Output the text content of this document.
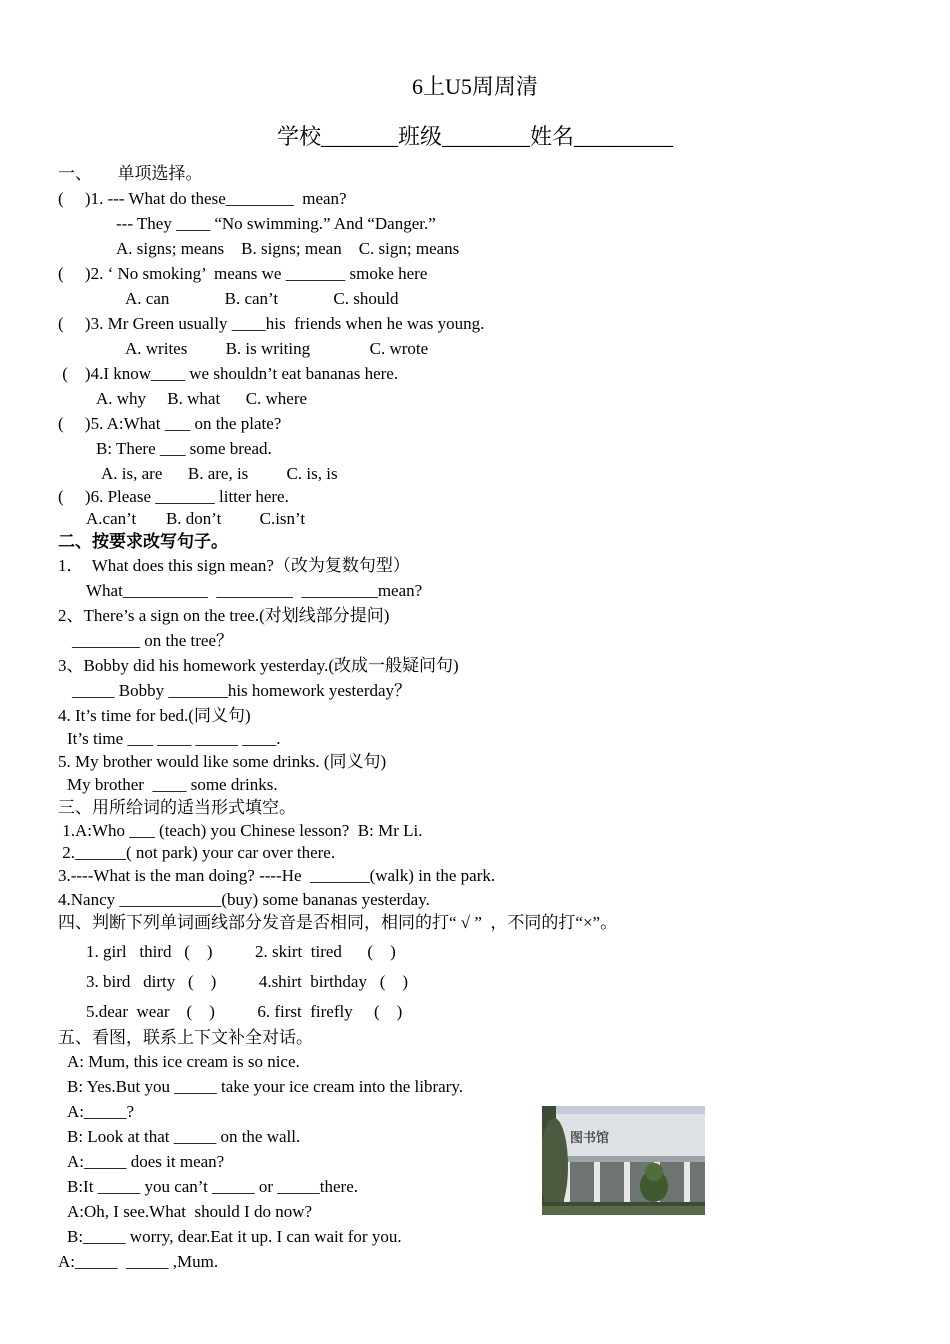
6上U5周周清
学校_______班级________姓名_________
一、      单项选择。
(     )1. --- What do these________  mean?
--- They ____ “No swimming.” And “Danger.”
A. signs; means    B. signs; mean    C. sign; means
(     )2. ‘ No smoking’  means we _______ smoke here
A. can             B. can’t             C. should
(     )3. Mr Green usually ____his  friends when he was young.
A. writes         B. is writing              C. wrote
(    )4.I know____ we shouldn’t eat bananas here.
A. why     B. what      C. where
(     )5. A:What ___ on the plate?
B: There ___ some bread.
A. is, are      B. are, is         C. is, is
(     )6. Please _______ litter here.
A.can’t       B. don’t         C.isn’t
二、按要求改写句子。
1．  What does this sign mean?（改为复数句型）
What__________  _________  _________mean?
2、There’s a sign on the tree.(对划线部分提问)
________ on the tree？
3、Bobby did his homework yesterday.(改成一般疑问句)
_____ Bobby _______his homework yesterday？
4. It’s time for bed.(同义句)
It’s time ___ ____ _____ ____.
5. My brother would like some drinks. (同义句)
My brother  ____ some drinks.
三、用所给词的适当形式填空。
1.A:Who ___ (teach) you Chinese lesson?  B: Mr Li.
2.______( not park) your car over there.
3.----What is the man doing? ----He  _______(walk) in the park.
4.Nancy ____________(buy) some bananas yesterday.
四、判断下列单词画线部分发音是否相同，相同的打“ √ ”  ，不同的打“×”。
1. girl   third   (    )          2. skirt  tired      (    )
3. bird   dirty   (    )          4.shirt  birthday   (    )
5.dear  wear    (    )          6. first  firefly     (    )
五、看图，联系上下文补全对话。
A: Mum, this ice cream is so nice.
B: Yes.But you _____ take your ice cream into the library.
A:_____?
B: Look at that _____ on the wall.
A:_____ does it mean?
B:It _____ you can’t _____ or _____there.
A:Oh, I see.What  should I do now?
B:_____ worry, dear.Eat it up. I can wait for you.
A:_____  _____ ,Mum.
图书馆
